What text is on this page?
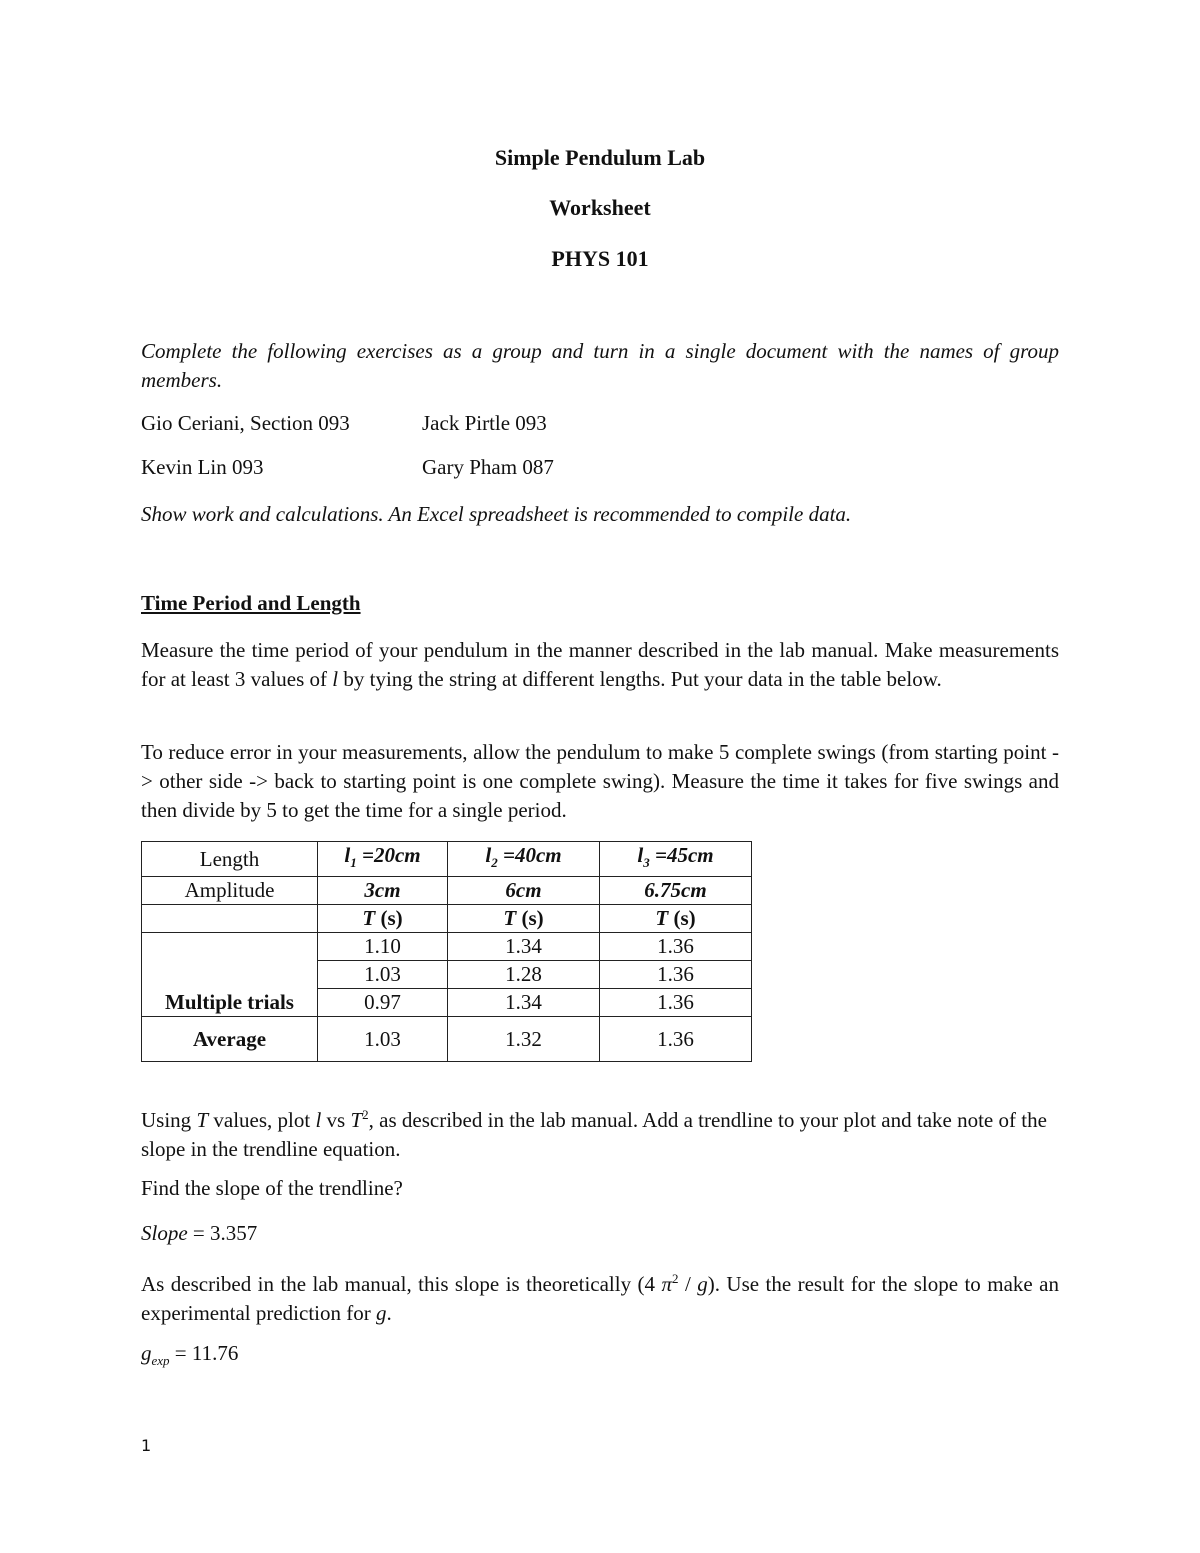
Simple Pendulum Lab
Worksheet
PHYS 101
Complete the following exercises as a group and turn in a single document with the names of group members.
Gio Ceriani, Section 093	Jack Pirtle 093
Kevin Lin 093	Gary Pham 087
Show work and calculations. An Excel spreadsheet is recommended to compile data.
Time Period and Length
Measure the time period of your pendulum in the manner described in the lab manual. Make measurements for at least 3 values of l by tying the string at different lengths. Put your data in the table below.
To reduce error in your measurements, allow the pendulum to make 5 complete swings (from starting point -> other side -> back to starting point is one complete swing). Measure the time it takes for five swings and then divide by 5 to get the time for a single period.
Length	$l_1 =20cm$	$l_2 =40cm$	$l_3 =45cm$
Amplitude	3cm	6cm	6.75cm
	T (s)	T (s)	T (s)
Multiple trials	1.10	1.34	1.36
	1.03	1.28	1.36
	0.97	1.34	1.36
Average	1.03	1.32	1.36
Using T values, plot l vs $T^2$, as described in the lab manual. Add a trendline to your plot and take note of the slope in the trendline equation.
Find the slope of the trendline?
Slope = 3.357
As described in the lab manual, this slope is theoretically (4 $\pi^2 / g$). Use the result for the slope to make an experimental prediction for g.
$g_{exp} = 11.76$
1
